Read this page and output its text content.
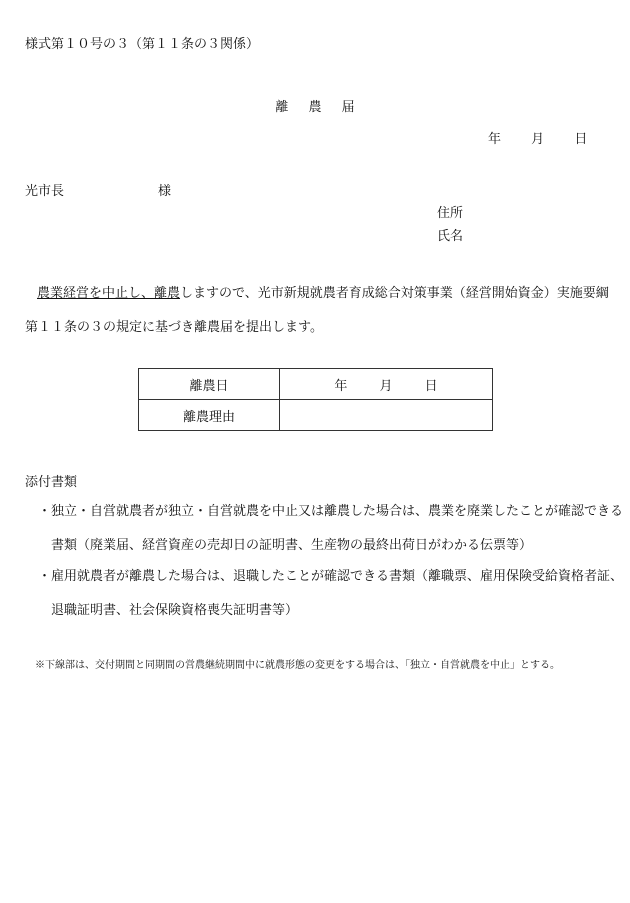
様式第１０号の３（第１１条の３関係）
離 農 届
年 月 日
光市長	様
住所
氏名
農業経営を中止し、離農しますので、光市新規就農者育成総合対策事業（経営開始資金）実施要綱第１１条の３の規定に基づき離農届を提出します。
離農日	年 月 日
離農理由	
添付書類
・独立・自営就農者が独立・自営就農を中止又は離農した場合は、農業を廃業したことが確認できる書類（廃業届、経営資産の売却日の証明書、生産物の最終出荷日がわかる伝票等）
・雇用就農者が離農した場合は、退職したことが確認できる書類（離職票、雇用保険受給資格者証、退職証明書、社会保険資格喪失証明書等）
※下線部は、交付期間と同期間の営農継続期間中に就農形態の変更をする場合は、「独立・自営就農を中止」とする。
